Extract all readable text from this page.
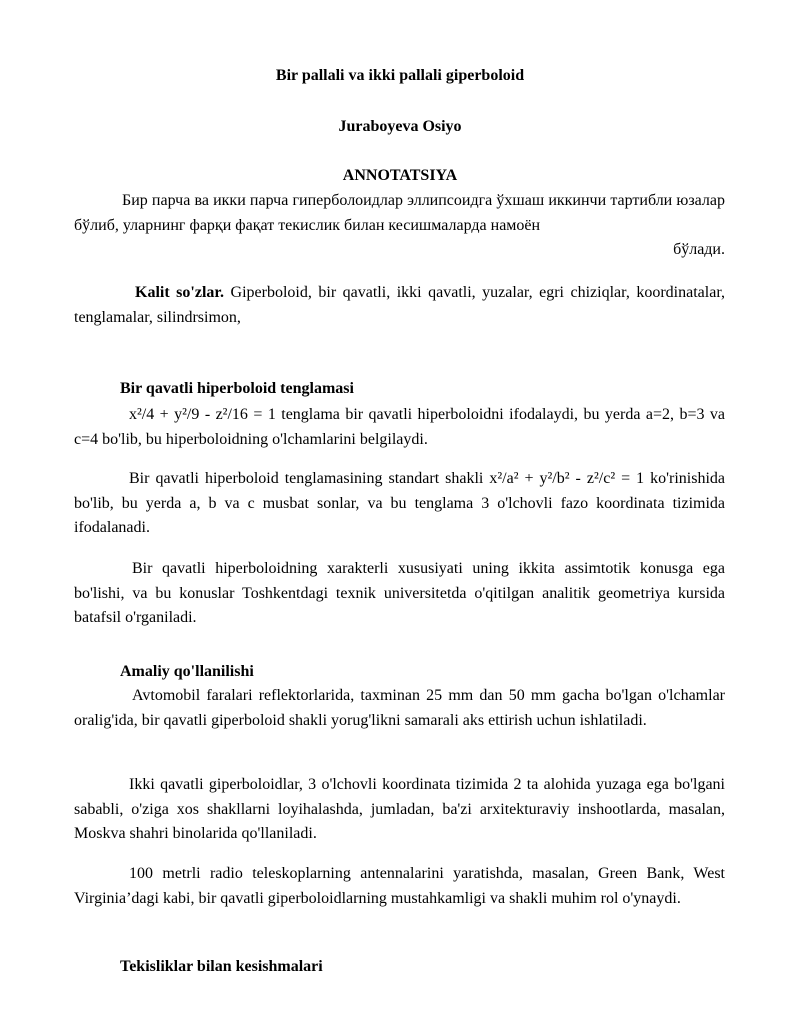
Bir pallali va ikki pallali giperboloid
Juraboyeva Osiyo
ANNOTATSIYA
Бир парча ва икки парча гиперболоидлар эллипсоидга ўхшаш иккинчи тартибли юзалар бўлиб, уларнинг фарқи фақат текислик билан кесишмаларда намоён
бўлади.
Kalit so'zlar. Giperboloid, bir qavatli, ikki qavatli, yuzalar, egri chiziqlar, koordinatalar, tenglamalar, silindrsimon,
Bir qavatli hiperboloid tenglamasi
x²/4 + y²/9 - z²/16 = 1 tenglama bir qavatli hiperboloidni ifodalaydi, bu yerda a=2, b=3 va c=4 bo'lib, bu hiperboloidning o'lchamlarini belgilaydi.
Bir qavatli hiperboloid tenglamasining standart shakli x²/a² + y²/b² - z²/c² = 1 ko'rinishida bo'lib, bu yerda a, b va c musbat sonlar, va bu tenglama 3 o'lchovli fazo koordinata tizimida ifodalanadi.
Bir qavatli hiperboloidning xarakterli xususiyati uning ikkita assimtotik konusga ega bo'lishi, va bu konuslar Toshkentdagi texnik universitetda o'qitilgan analitik geometriya kursida batafsil o'rganiladi.
Amaliy qo'llanilishi
Avtomobil faralari reflektorlarida, taxminan 25 mm dan 50 mm gacha bo'lgan o'lchamlar oralig'ida, bir qavatli giperboloid shakli yorug'likni samarali aks ettirish uchun ishlatiladi.
Ikki qavatli giperboloidlar, 3 o'lchovli koordinata tizimida 2 ta alohida yuzaga ega bo'lgani sababli, o'ziga xos shakllarni loyihalashda, jumladan, ba'zi arxitekturaviy inshootlarda, masalan, Moskva shahri binolarida qo'llaniladi.
100 metrli radio teleskoplarning antennalarini yaratishda, masalan, Green Bank, West Virginia’dagi kabi, bir qavatli giperboloidlarning mustahkamligi va shakli muhim rol o'ynaydi.
Tekisliklar bilan kesishmalari
